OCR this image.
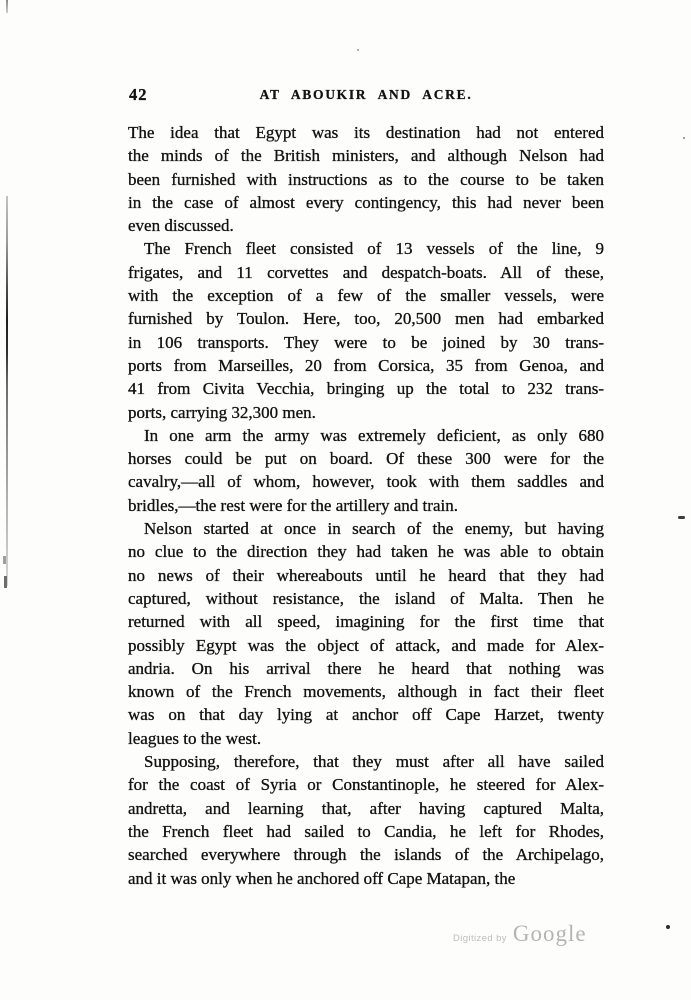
42	AT ABOUKIR AND ACRE.
The idea that Egypt was its destination had not entered
the minds of the British ministers, and although Nelson had
been furnished with instructions as to the course to be taken
in the case of almost every contingency, this had never been
even discussed.
The French fleet consisted of 13 vessels of the line, 9
frigates, and 11 corvettes and despatch-boats. All of these,
with the exception of a few of the smaller vessels, were
furnished by Toulon. Here, too, 20,500 men had embarked
in 106 transports. They were to be joined by 30 trans-
ports from Marseilles, 20 from Corsica, 35 from Genoa, and
41 from Civita Vecchia, bringing up the total to 232 trans-
ports, carrying 32,300 men.
In one arm the army was extremely deficient, as only 680
horses could be put on board. Of these 300 were for the
cavalry,—all of whom, however, took with them saddles and
bridles,—the rest were for the artillery and train.
Nelson started at once in search of the enemy, but having
no clue to the direction they had taken he was able to obtain
no news of their whereabouts until he heard that they had
captured, without resistance, the island of Malta. Then he
returned with all speed, imagining for the first time that
possibly Egypt was the object of attack, and made for Alex-
andria. On his arrival there he heard that nothing was
known of the French movements, although in fact their fleet
was on that day lying at anchor off Cape Harzet, twenty
leagues to the west.
Supposing, therefore, that they must after all have sailed
for the coast of Syria or Constantinople, he steered for Alex-
andretta, and learning that, after having captured Malta,
the French fleet had sailed to Candia, he left for Rhodes,
searched everywhere through the islands of the Archipelago,
and it was only when he anchored off Cape Matapan, the
Digitized by Google
